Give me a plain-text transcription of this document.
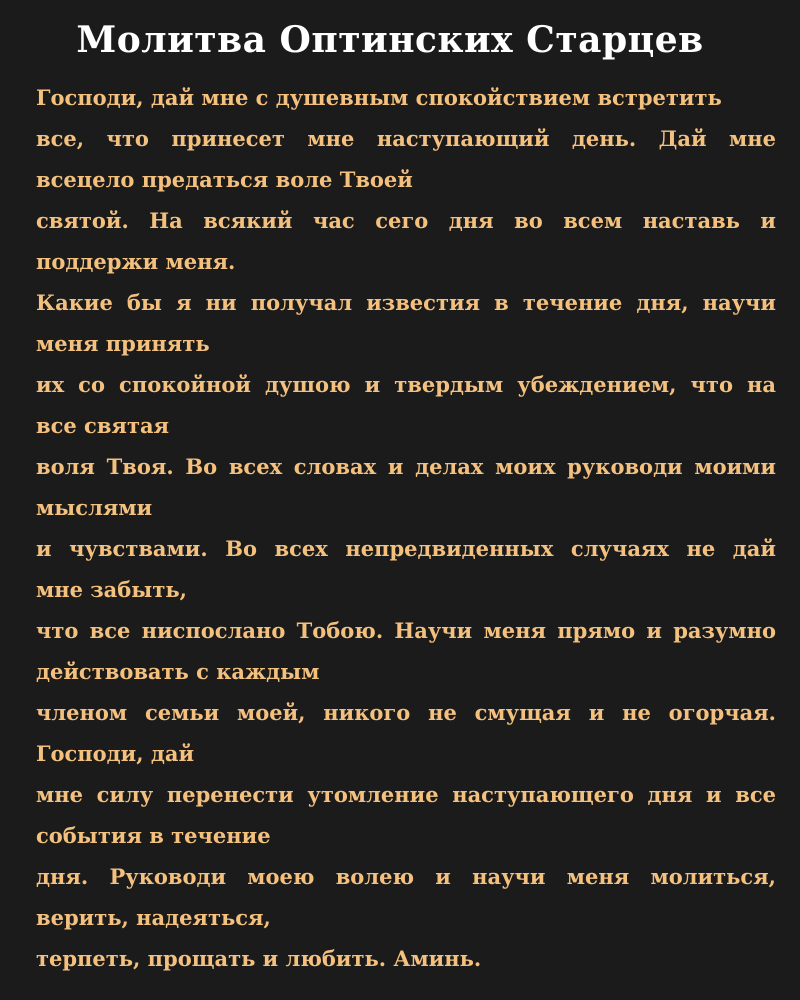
Молитва Оптинских Старцев
Господи, дай мне с душевным спокойствием встретить
все, что принесет мне наступающий день. Дай мне
всецело предаться воле Твоей
святой. На всякий час сего дня во всем наставь и
поддержи меня.
Какие бы я ни получал известия в течение дня, научи
меня принять
их со спокойной душою и твердым убеждением, что на
все святая
воля Твоя. Во всех словах и делах моих руководи моими
мыслями
и чувствами. Во всех непредвиденных случаях не дай
мне забыть,
что все ниспослано Тобою. Научи меня прямо и разумно
действовать с каждым
членом семьи моей, никого не смущая и не огорчая.
Господи, дай
мне силу перенести утомление наступающего дня и все
события в течение
дня. Руководи моею волею и научи меня молиться,
верить, надеяться,
терпеть, прощать и любить. Аминь.
